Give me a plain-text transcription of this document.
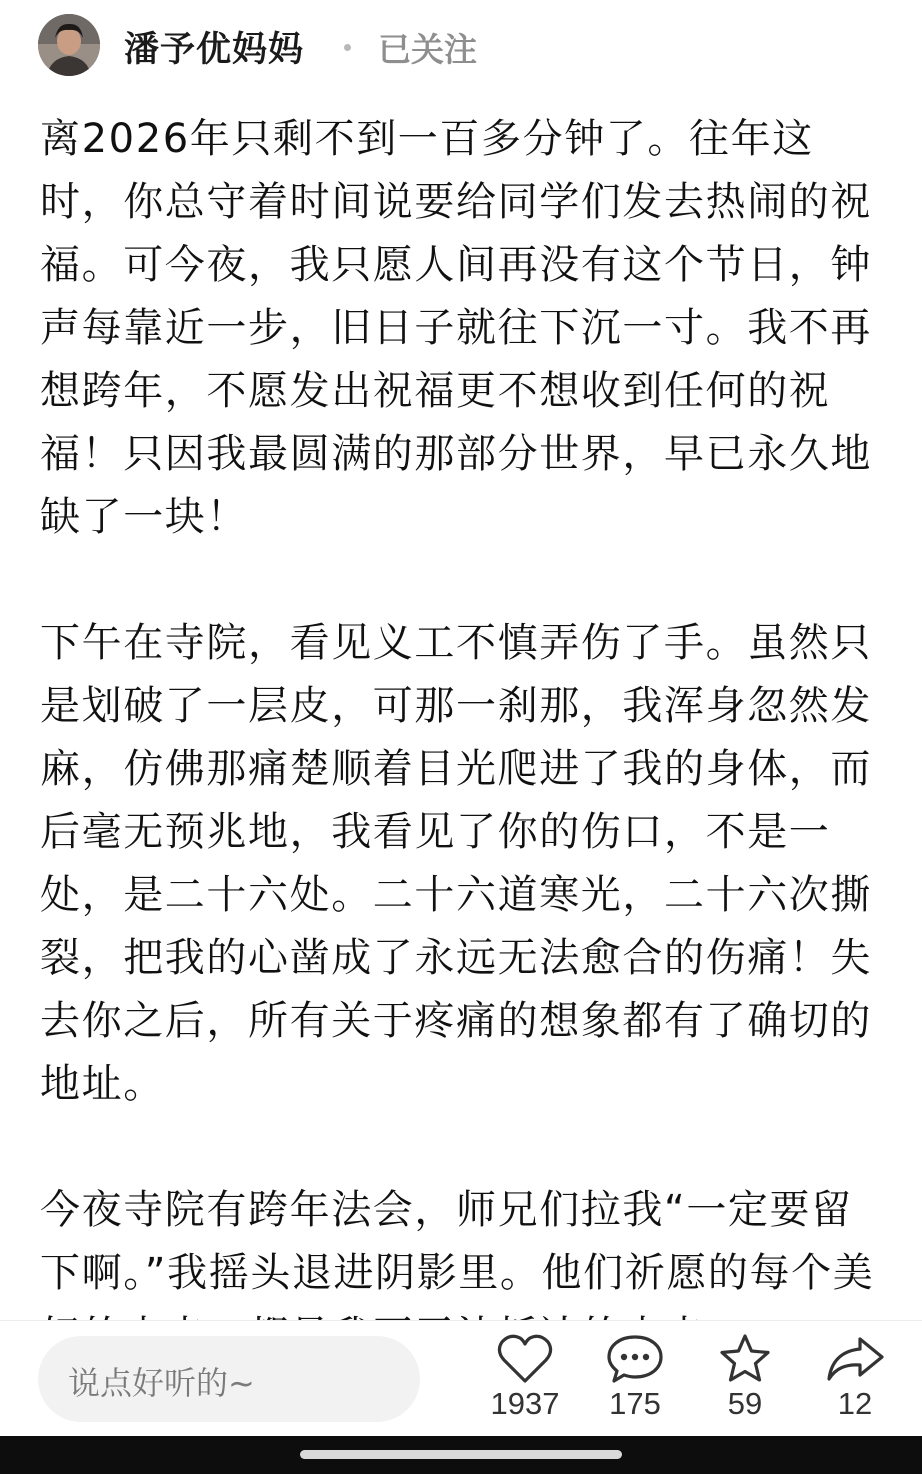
潘予优妈妈 已关注

离2026年只剩不到一百多分钟了。往年这时，你总守着时间说要给同学们发去热闹的祝福。可今夜，我只愿人间再没有这个节日，钟声每靠近一步，旧日子就往下沉一寸。我不再想跨年，不愿发出祝福更不想收到任何的祝福！只因我最圆满的那部分世界，早已永久地缺了一块！

下午在寺院，看见义工不慎弄伤了手。虽然只是划破了一层皮，可那一刹那，我浑身忽然发麻，仿佛那痛楚顺着目光爬进了我的身体，而后毫无预兆地，我看见了你的伤口，不是一处，是二十六处。二十六道寒光，二十六次撕裂，把我的心凿成了永远无法愈合的伤痛！失去你之后，所有关于疼痛的想象都有了确切的地址。

今夜寺院有跨年法会，师兄们拉我“一定要留下啊。”我摇头退进阴影里。他们祈愿的每个美

说点好听的~
1937	175	59	12
